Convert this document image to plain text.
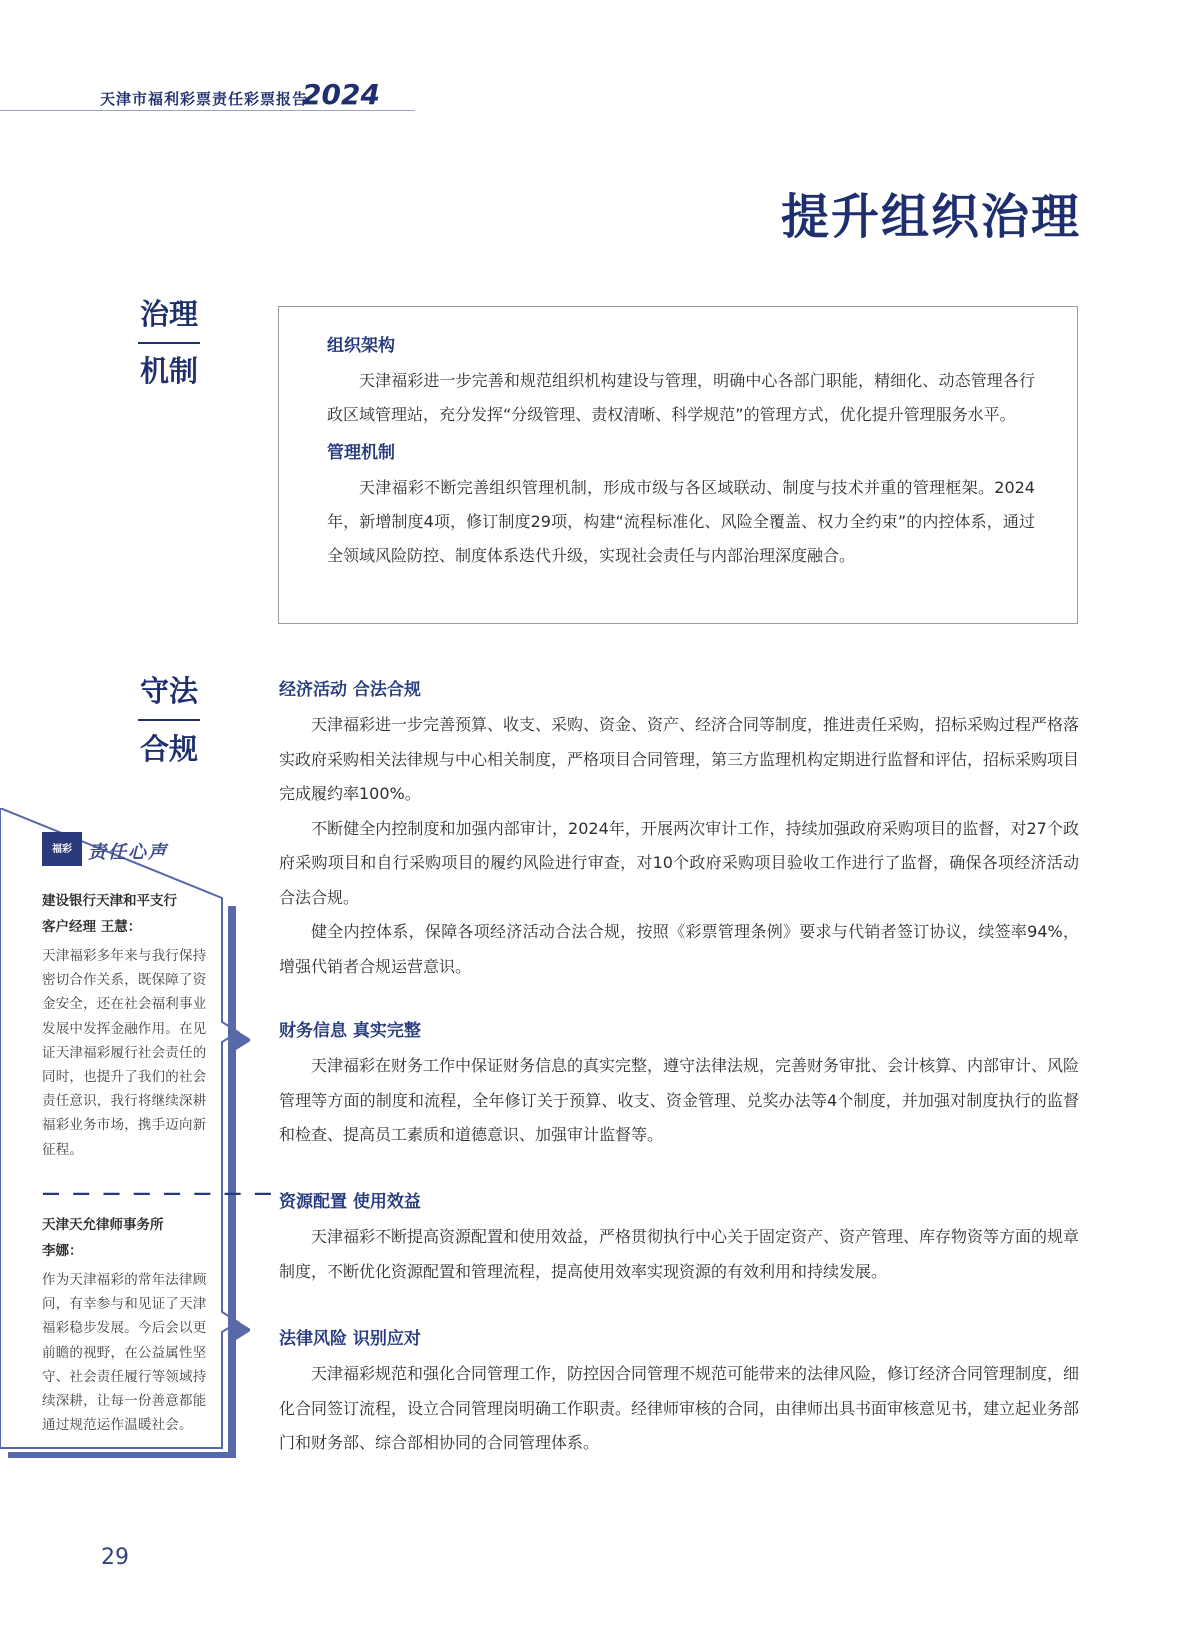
天津市福利彩票责任彩票报告
2024
提升组织治理
治理
机制

组织架构

天津福彩进一步完善和规范组织机构建设与管理，明确中心各部门职能，精细化、动态管理各行政区域管理站，充分发挥“分级管理、责权清晰、科学规范”的管理方式，优化提升管理服务水平。

管理机制

天津福彩不断完善组织管理机制，形成市级与各区域联动、制度与技术并重的管理框架。2024年，新增制度4项，修订制度29项，构建“流程标准化、风险全覆盖、权力全约束”的内控体系，通过全领域风险防控、制度体系迭代升级，实现社会责任与内部治理深度融合。

守法
合规

经济活动 合法合规

天津福彩进一步完善预算、收支、采购、资金、资产、经济合同等制度，推进责任采购，招标采购过程严格落实政府采购相关法律规与中心相关制度，严格项目合同管理，第三方监理机构定期进行监督和评估，招标采购项目完成履约率100%。

不断健全内控制度和加强内部审计，2024年，开展两次审计工作，持续加强政府采购项目的监督，对27个政府采购项目和自行采购项目的履约风险进行审查，对10个政府采购项目验收工作进行了监督，确保各项经济活动合法合规。

健全内控体系，保障各项经济活动合法合规，按照《彩票管理条例》要求与代销者签订协议，续签率94%，增强代销者合规运营意识。

财务信息 真实完整

天津福彩在财务工作中保证财务信息的真实完整，遵守法律法规，完善财务审批、会计核算、内部审计、风险管理等方面的制度和流程，全年修订关于预算、收支、资金管理、兑奖办法等4个制度，并加强对制度执行的监督和检查、提高员工素质和道德意识、加强审计监督等。

资源配置 使用效益

天津福彩不断提高资源配置和使用效益，严格贯彻执行中心关于固定资产、资产管理、库存物资等方面的规章制度，不断优化资源配置和管理流程，提高使用效率实现资源的有效利用和持续发展。

法律风险 识别应对

天津福彩规范和强化合同管理工作，防控因合同管理不规范可能带来的法律风险，修订经济合同管理制度，细化合同签订流程，设立合同管理岗明确工作职责。经律师审核的合同，由律师出具书面审核意见书，建立起业务部门和财务部、综合部相协同的合同管理体系。

福彩 责任心声

建设银行天津和平支行

客户经理 王慧：

天津福彩多年来与我行保持密切合作关系，既保障了资金安全，还在社会福利事业发展中发挥金融作用。在见证天津福彩履行社会责任的同时，也提升了我们的社会责任意识，我行将继续深耕福彩业务市场，携手迈向新征程。

— — — — — — — —

天津天允律师事务所

李娜：

作为天津福彩的常年法律顾问，有幸参与和见证了天津福彩稳步发展。今后会以更前瞻的视野，在公益属性坚守、社会责任履行等领域持续深耕，让每一份善意都能通过规范运作温暖社会。

29
